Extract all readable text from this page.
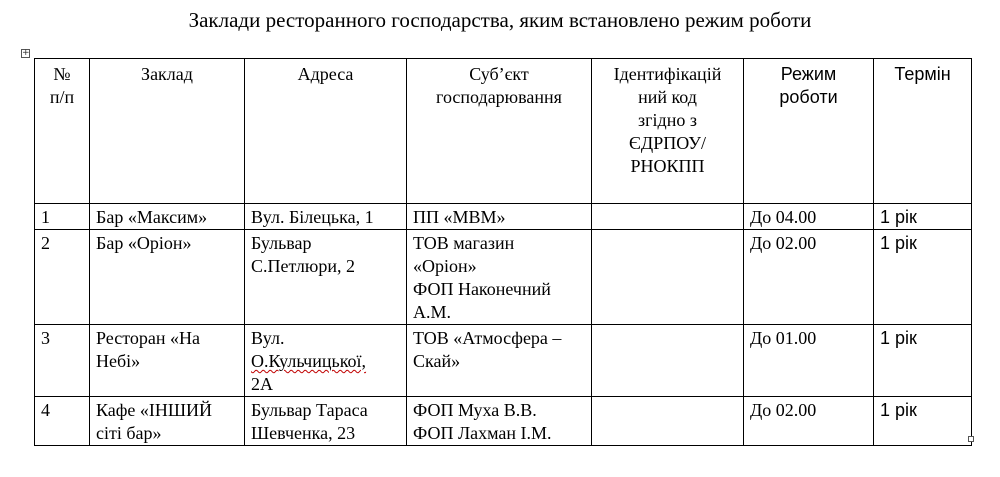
Заклади ресторанного господарства, яким встановлено режим роботи
+
№
п/п	Заклад	Адреса	Суб’єкт
господарювання	Ідентифікацій
ний код
згідно з
ЄДРПОУ/
РНОКПП	Режим
роботи	Термін

1	Бар «Максим»	Вул. Білецька, 1	ПП «МВМ»		До 04.00	1 рік
2	Бар «Оріон»	Бульвар
С.Петлюри, 2	ТОВ магазин
«Оріон»
ФОП Наконечний
А.М.		До 02.00	1 рік
3	Ресторан «На
Небі»	Вул.
О.Кульчицької,
2А	ТОВ «Атмосфера –
Скай»		До 01.00	1 рік
4	Кафе «ІНШИЙ
сіті бар»	Бульвар Тараса
Шевченка, 23	ФОП Муха В.В.
ФОП Лахман І.М.		До 02.00	1 рік
